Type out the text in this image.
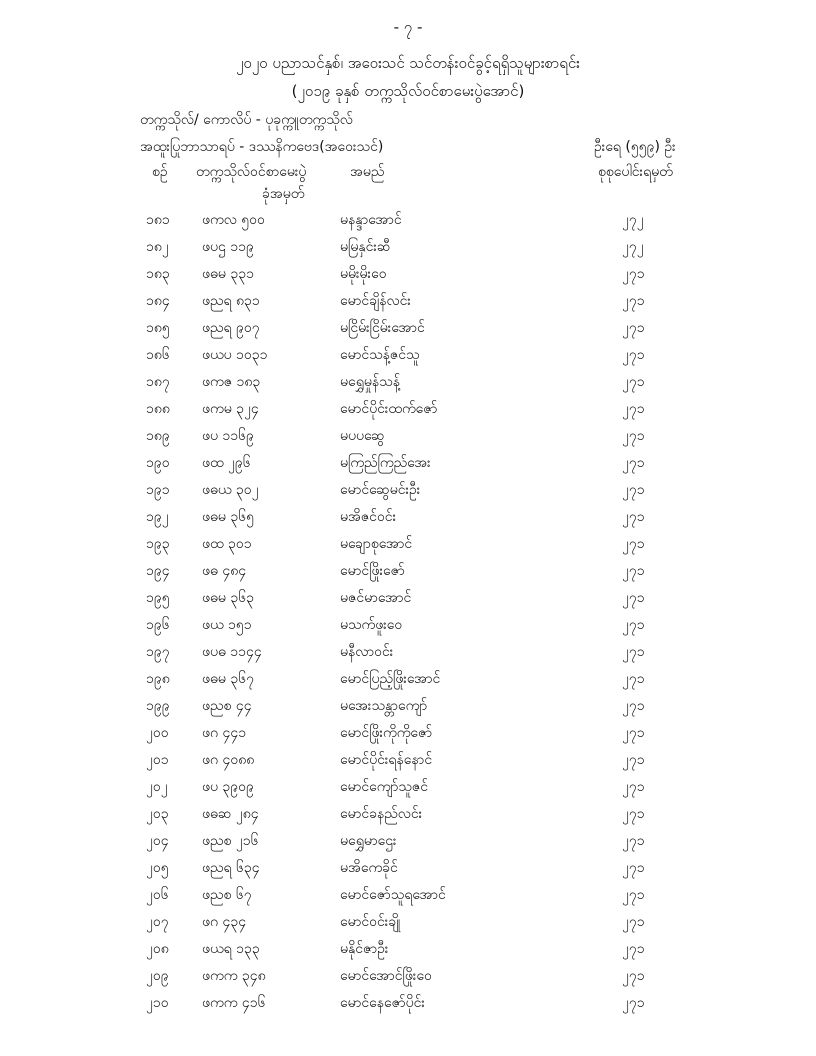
- ၇ -
၂၀၂၀ ပညာသင်နှစ်၊ အဝေးသင် သင်တန်းဝင်ခွင့်ရရှိသူများစာရင်း
(၂၀၁၉ ခုနှစ် တက္ကသိုလ်ဝင်စာမေးပွဲအောင်)
တက္ကသိုလ်/ ကောလိပ် - ပုခုက္ကူတက္ကသိုလ်
အထူးပြုဘာသာရပ် - ဒဿနိကဗေဒ(အဝေးသင်)	ဦးရေ (၅၅၉) ဦး
စဉ် တက္ကသိုလ်ဝင်စာမေးပွဲ
ခုံအမှတ်
အမည်	စုစုပေါင်းရမှတ်
၁၈၁ ဖကလ ၅၀၀	မနန္ဒာအောင်	၂၇၂
၁၈၂ ဖပဌ ၁၁၉	မမြနှင်းဆီ	၂၇၂
၁၈၃ ဖဓမ ၃၃၁	မမိုးမိုးဝေ	၂၇၁
၁၈၄ ဖညရ ၈၃၁	မောင်ချိန်လင်း	၂၇၁
၁၈၅ ဖညရ ၉၀၇	မငြိမ်းငြိမ်းအောင်	၂၇၁
၁၈၆ ဖယပ ၁၀၃၁	မောင်သန့်ဇင်သူ	၂၇၁
၁၈၇ ဖကဇ ၁၈၃	မရွှေမှုန်သန့်	၂၇၁
၁၈၈ ဖကမ ၃၂၄	မောင်ပိုင်းထက်ဇော်	၂၇၁
၁၈၉ ဖပ ၁၁၆၉	မပပဆွေ	၂၇၁
၁၉၀ ဖထ ၂၉၆	မကြည်ကြည်အေး	၂၇၁
၁၉၁ ဖဓယ ၃၀၂	မောင်ဆွေမင်းဦး	၂၇၁
၁၉၂ ဖဓမ ၃၆၅	မအိဇင်ဝင်း	၂၇၁
၁၉၃ ဖထ ၃၀၁	မချောစုအောင်	၂၇၁
၁၉၄ ဖဓ ၄၈၄	မောင်ဖြိုးဇော်	၂၇၁
၁၉၅ ဖဓမ ၃၆၃	မဇင်မာအောင်	၂၇၁
၁၉၆ ဖယ ၁၅၁	မသက်ဖူးဝေ	၂၇၁
၁၉၇ ဖပဓ ၁၁၄၄	မနီလာဝင်း	၂၇၁
၁၉၈ ဖဓမ ၃၆၇	မောင်ပြည့်ဖြိုးအောင်	၂၇၁
၁၉၉ ဖညစ ၄၄	မအေးသန္တာကျော်	၂၇၁
၂၀၀ ဖဂ ၄၄၁	မောင်ဖြိုးကိုကိုဇော်	၂၇၁
၂၀၁ ဖဂ ၄၀၈၈	မောင်ပိုင်းရန်နောင်	၂၇၁
၂၀၂ ဖပ ၃၉၀၉	မောင်ကျော်သူဇင်	၂၇၁
၂၀၃ ဖဓဆ ၂၈၄	မောင်ခနည်လင်း	၂၇၁
၂၀၄ ဖညစ ၂၁၆	မရွှေမာဌေး	၂၇၁
၂၀၅ ဖညရ ၆၃၄	မအိကေခိုင်	၂၇၁
၂၀၆ ဖညစ ၆၇	မောင်ဇော်သူရအောင်	၂၇၁
၂၀၇ ဖဂ ၄၃၄	မောင်ဝင်းချို	၂၇၁
၂၀၈ ဖယရ ၁၃၃	မနိုင်ဇာဦး	၂၇၁
၂၀၉ ဖကက ၃၄၈	မောင်အောင်ဖြိုးဝေ	၂၇၁
၂၁၀ ဖကက ၄၁၆	မောင်နေဇော်ပိုင်း	၂၇၁
